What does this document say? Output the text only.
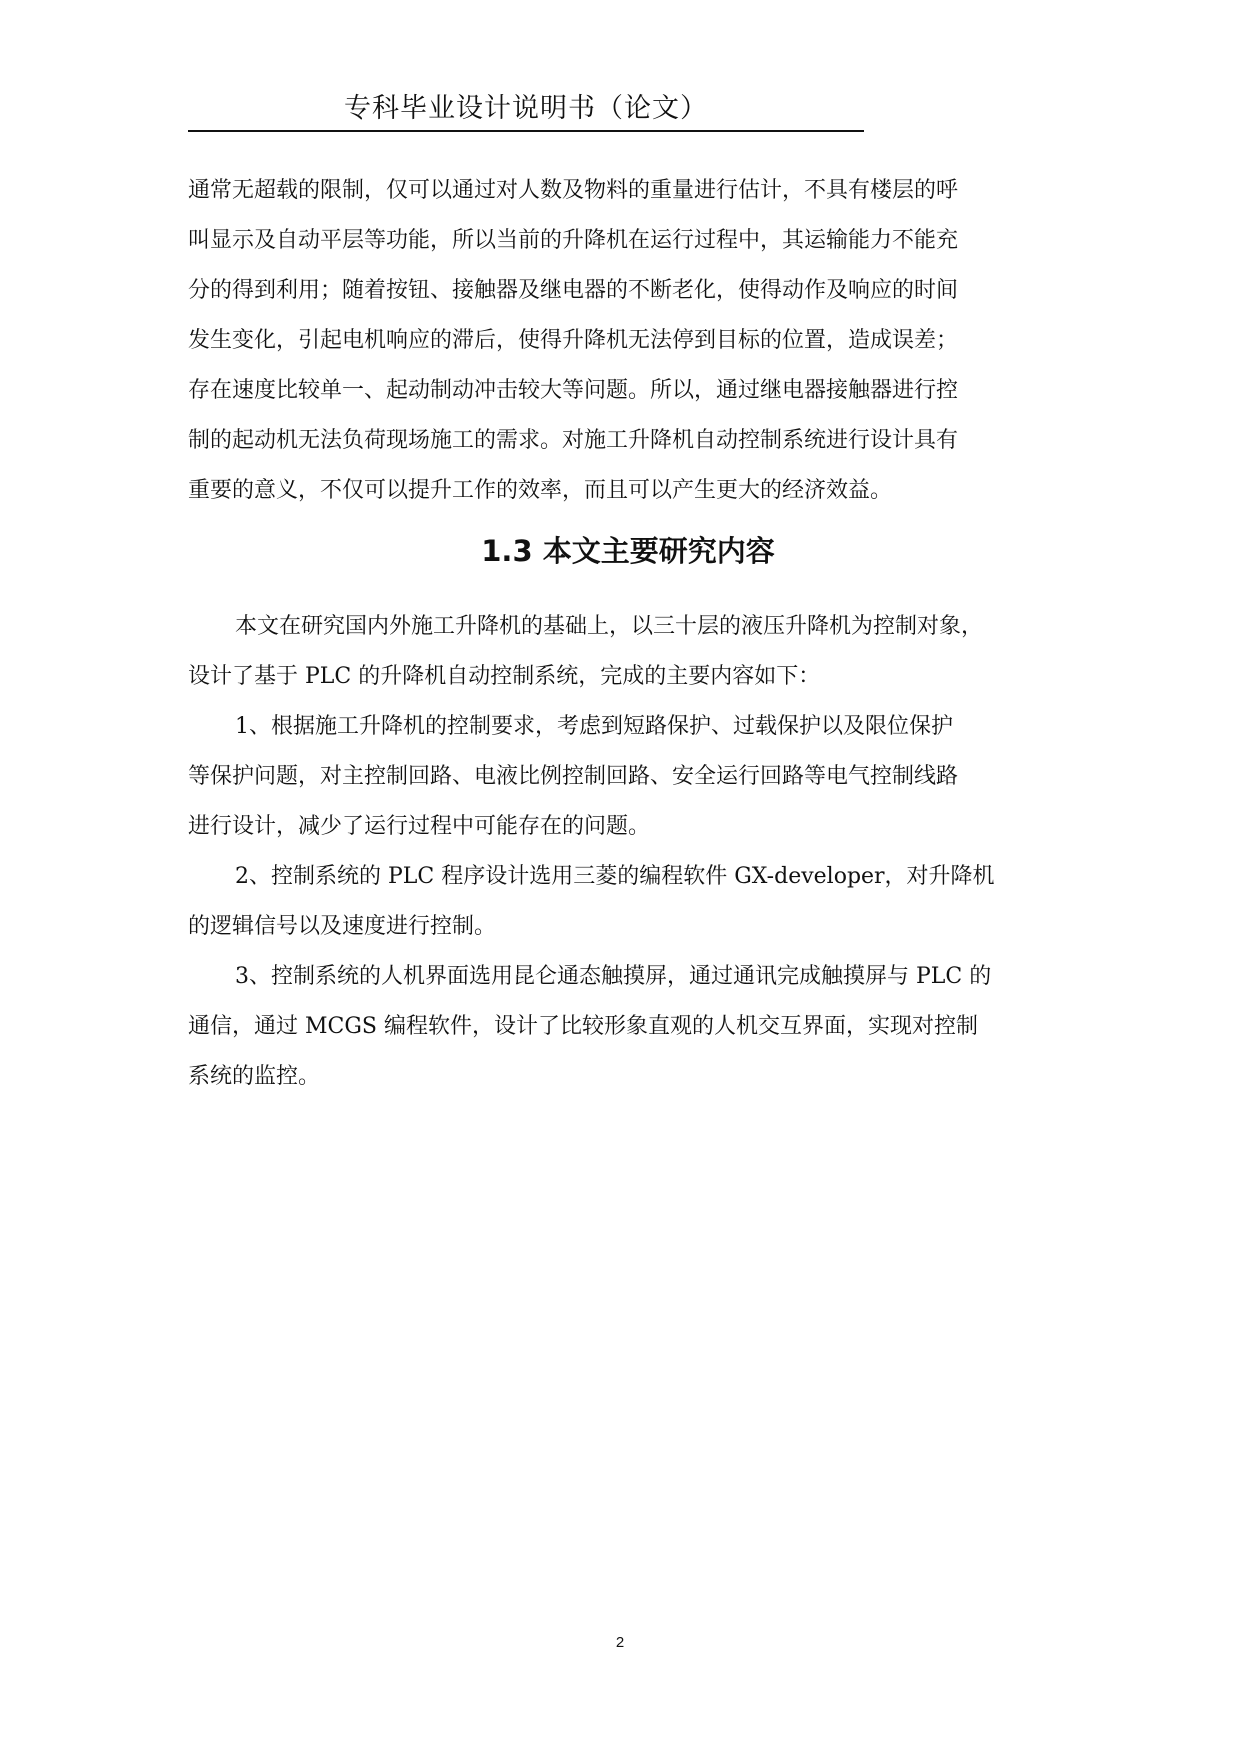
专科毕业设计说明书（论文）
通常无超载的限制，仅可以通过对人数及物料的重量进行估计，不具有楼层的呼
叫显示及自动平层等功能，所以当前的升降机在运行过程中，其运输能力不能充
分的得到利用；随着按钮、接触器及继电器的不断老化，使得动作及响应的时间
发生变化，引起电机响应的滞后，使得升降机无法停到目标的位置，造成误差；
存在速度比较单一、起动制动冲击较大等问题。所以，通过继电器接触器进行控
制的起动机无法负荷现场施工的需求。对施工升降机自动控制系统进行设计具有
重要的意义，不仅可以提升工作的效率，而且可以产生更大的经济效益。
1.3 本文主要研究内容
本文在研究国内外施工升降机的基础上，以三十层的液压升降机为控制对象，
设计了基于 PLC 的升降机自动控制系统，完成的主要内容如下：
1、根据施工升降机的控制要求，考虑到短路保护、过载保护以及限位保护
等保护问题，对主控制回路、电液比例控制回路、安全运行回路等电气控制线路
进行设计，减少了运行过程中可能存在的问题。
2、控制系统的 PLC 程序设计选用三菱的编程软件 GX-developer，对升降机
的逻辑信号以及速度进行控制。
3、控制系统的人机界面选用昆仑通态触摸屏，通过通讯完成触摸屏与 PLC 的
通信，通过 MCGS 编程软件，设计了比较形象直观的人机交互界面，实现对控制
系统的监控。
2
